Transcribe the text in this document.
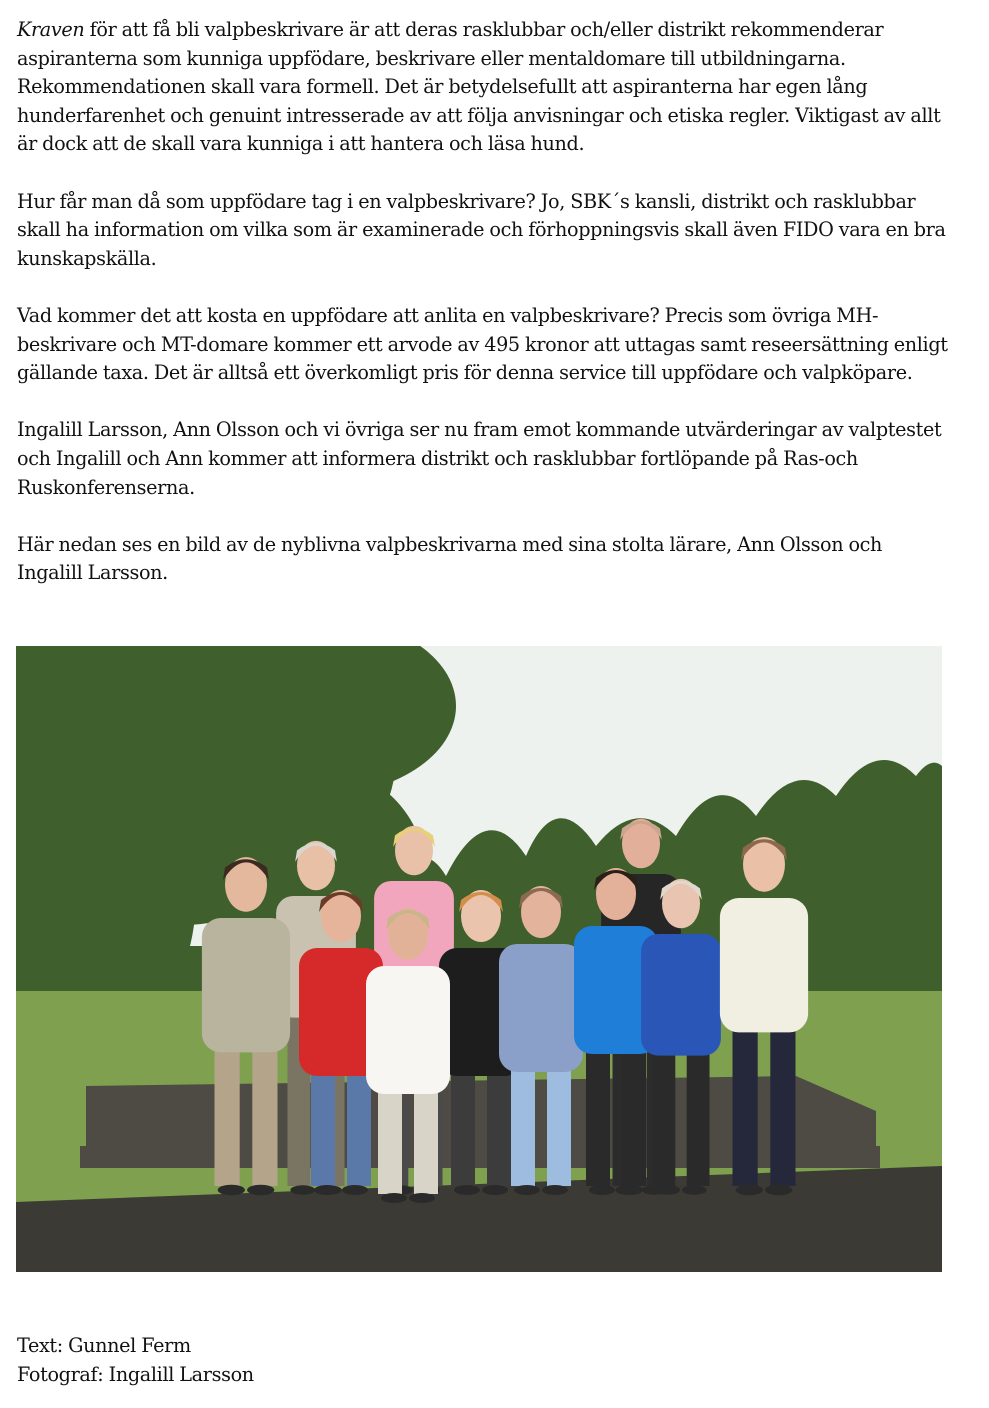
Kraven för att få bli valpbeskrivare är att deras rasklubbar och/eller distrikt rekommenderar aspiranterna som kunniga uppfödare, beskrivare eller mentaldomare till utbildningarna. Rekommendationen skall vara formell. Det är betydelsefullt att aspiranterna har egen lång hunderfarenhet och genuint intresserade av att följa anvisningar och etiska regler. Viktigast av allt är dock att de skall vara kunniga i att hantera och läsa hund.

Hur får man då som uppfödare tag i en valpbeskrivare? Jo, SBK´s kansli, distrikt och rasklubbar skall ha information om vilka som är examinerade och förhoppningsvis skall även FIDO vara en bra kunskapskälla.

Vad kommer det att kosta en uppfödare att anlita en valpbeskrivare? Precis som övriga MH-beskrivare och MT-domare kommer ett arvode av 495 kronor att uttagas samt reseersättning enligt gällande taxa. Det är alltså ett överkomligt pris för denna service till uppfödare och valpköpare.

Ingalill Larsson, Ann Olsson och vi övriga ser nu fram emot kommande utvärderingar av valptestet och Ingalill och Ann kommer att informera distrikt och rasklubbar fortlöpande på Ras-och Ruskonferenserna.

Här nedan ses en bild av de nyblivna valpbeskrivarna med sina stolta lärare, Ann Olsson och Ingalill Larsson.

Text: Gunnel Ferm

Fotograf: Ingalill Larsson
